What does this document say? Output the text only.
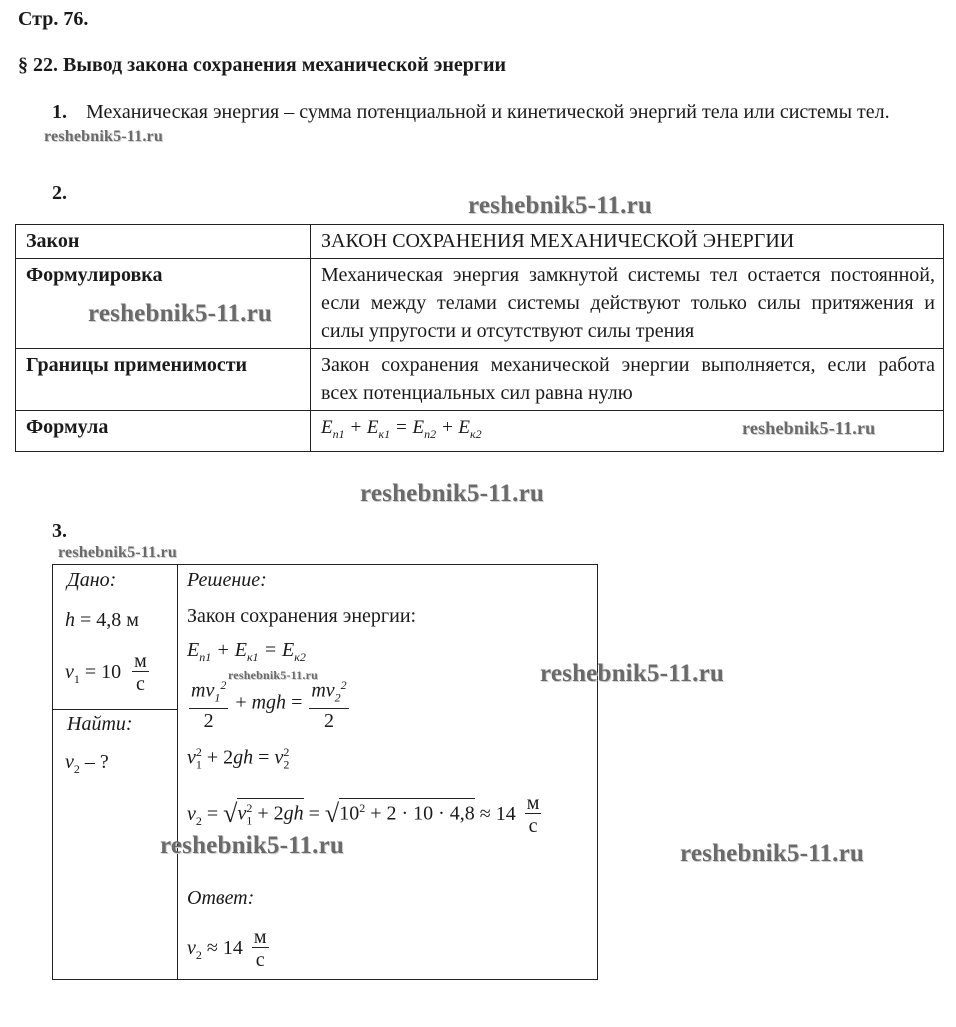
Стр. 76.
§ 22. Вывод закона сохранения механической энергии
1. Механическая энергия – сумма потенциальной и кинетической энергий тела или системы тел.
2.
Закон	ЗАКОН СОХРАНЕНИЯ МЕХАНИЧЕСКОЙ ЭНЕРГИИ
Формулировка	Механическая энергия замкнутой системы тел остается постоянной, если между телами системы действуют только силы притяжения и силы упругости и отсутствуют силы трения
Границы применимости	Закон сохранения механической энергии выполняется, если работа всех потенциальных сил равна нулю
Формула	$E_{п1} + E_{к1} = E_{п2} + E_{к2}$
3.
Дано:
h = 4,8 м
$v_1 = 10 \frac{м}{с}$
Найти:
$v_2$ – ?
Решение:
Закон сохранения энергии:
$E_{п1} + E_{к1} = E_{к2}$
$\frac{mv_1^2}{2}$ + mgh = $\frac{mv_2^2}{2}$
$v_1^2 + 2gh = v_2^2$
$v_2 = √v_1^2 + 2gh = √10^2 + 2 \cdot 10 \cdot 4,8 \approx 14 \frac{м}{с}$
Ответ:
$v_2 \approx 14 \frac{м}{с}$
reshebnik5-11.ru
reshebnik5-11.ru
reshebnik5-11.ru
reshebnik5-11.ru
reshebnik5-11.ru
reshebnik5-11.ru
reshebnik5-11.ru
reshebnik5-11.ru
reshebnik5-11.ru	reshebnik5-11.ru
